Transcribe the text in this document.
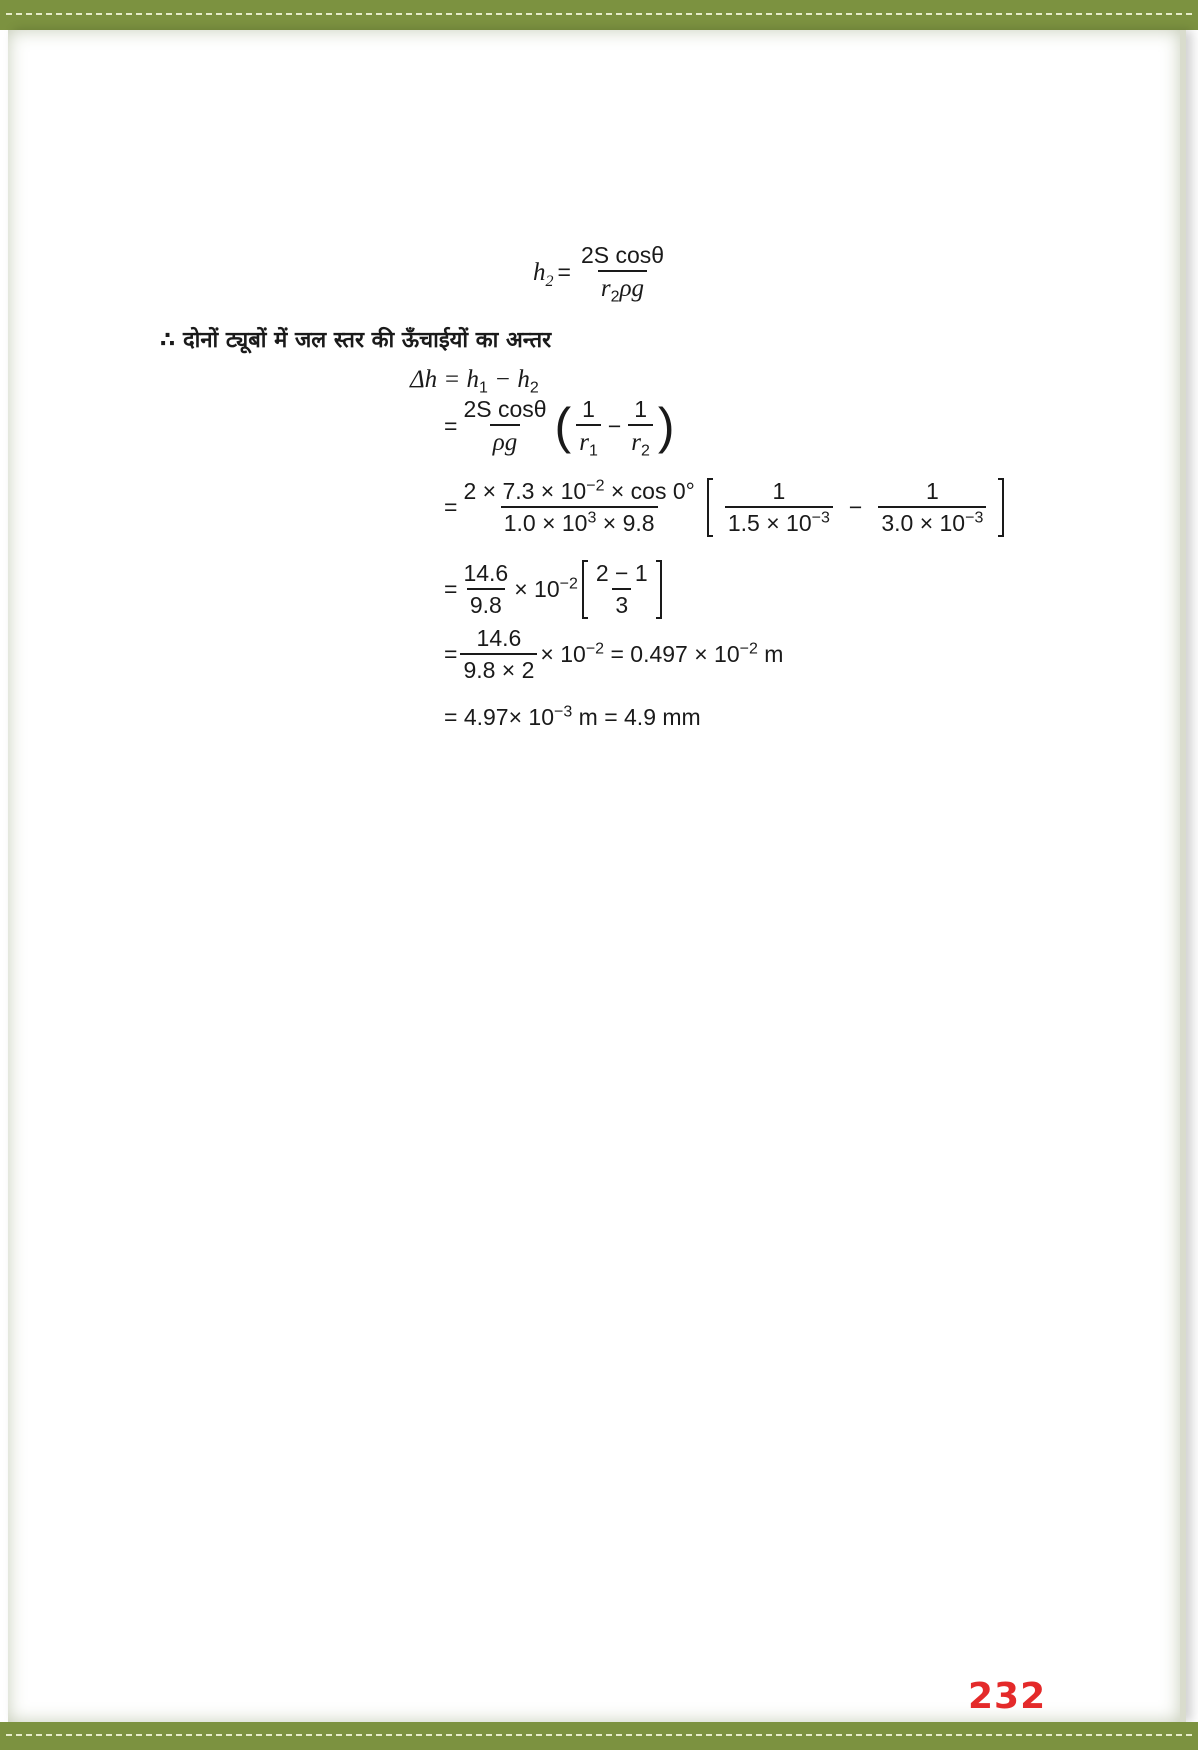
$h_2 = \frac{\text{2S cosθ}}{r_2\rho g}$
∴ दोनों ट्यूबों में जल स्तर की ऊँचाईयों का अन्तर
$\Delta h = h_1 - h_2$
= $\frac{\text{2S cosθ}}{\rho g}$ ( $\frac{1}{r_1} - \frac{1}{r_2}$ )
= $\frac{2 \times 7.3 \times 10^{-2} \times \cos 0^\circ}{1.0 \times 10^3 \times 9.8} \frac{1}{1.5 \times 10^{-3}} - \frac{1}{3.0 \times 10^{-3}}$
= $\frac{14.6}{9.8} \times 10^{-2} \frac{2 - 1}{3}$
= $\frac{14.6}{9.8 \times 2} \times 10^{-2} = 0.497 \times 10^{-2}$ m
= $4.97\times 10^{-3}$ m = 4.9 mm
232
